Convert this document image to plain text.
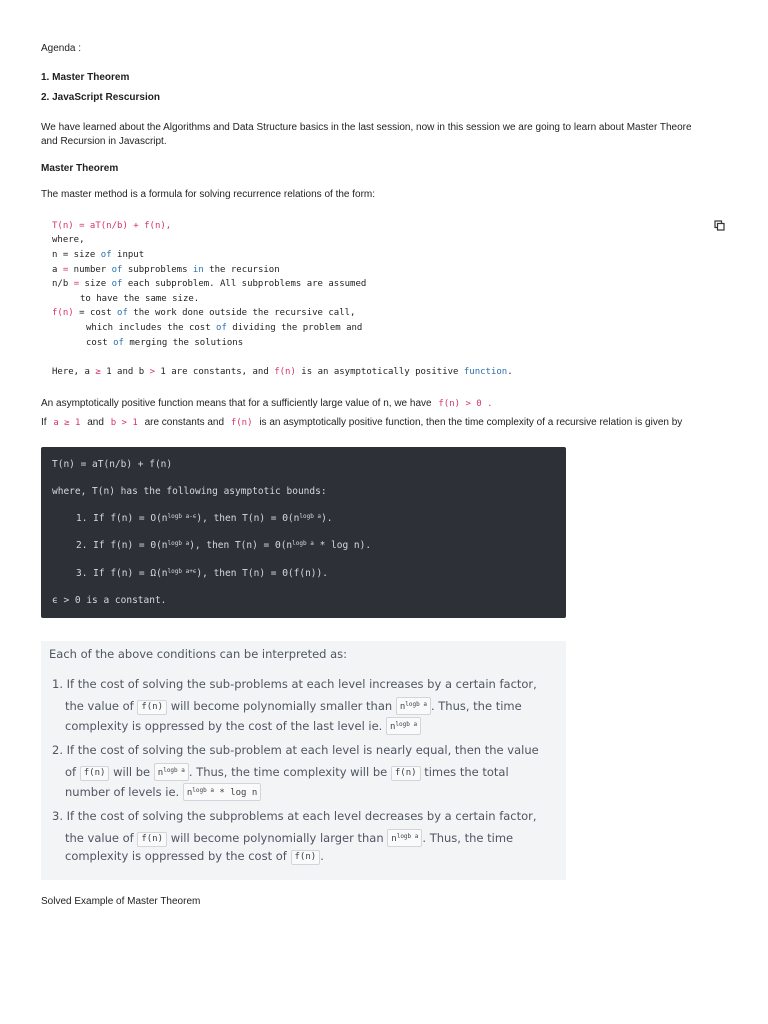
Agenda :
1. Master Theorem
2. JavaScript Rescursion
We have learned about the Algorithms and Data Structure basics in the last session, now in this session we are going to learn about Master Theore
and Recursion in Javascript.
Master Theorem
The master method is a formula for solving recurrence relations of the form:
T(n) = aT(n/b) + f(n),
where,
n = size of input
a = number of subproblems in the recursion
n/b = size of each subproblem. All subproblems are assumed
to have the same size.
f(n) = cost of the work done outside the recursive call,
which includes the cost of dividing the problem and
cost of merging the solutions
Here, a ≥ 1 and b > 1 are constants, and f(n) is an asymptotically positive function.
An asymptotically positive function means that for a sufficiently large value of n, we have f(n) > 0 .
If a ≥ 1 and b > 1 are constants and f(n) is an asymptotically positive function, then the time complexity of a recursive relation is given by
T(n) = aT(n/b) + f(n)
where, T(n) has the following asymptotic bounds:
1. If $f(n) = O(n^{logb a-\epsilon})$, then $T(n) = \Theta(n^{logb a})$.
2. If $f(n) = \Theta(n^{logb a})$, then $T(n) = \Theta(n^{logb a} * \log n)$.
3. If $f(n) = \Omega(n^{logb a+\epsilon})$, then T(n) = Θ(f(n)).
ϵ > 0 is a constant.
Each of the above conditions can be interpreted as:
1. If the cost of solving the sub-problems at each level increases by a certain factor,
the value of f(n) will become polynomially smaller than $n^{logb a}$ . Thus, the time
complexity is oppressed by the cost of the last level ie. $n^{logb a}$
2. If the cost of solving the sub-problem at each level is nearly equal, then the value
of f(n) will be $n^{logb a}$ . Thus, the time complexity will be f(n) times the total
number of levels ie. $n^{logb a}$ * log n
3. If the cost of solving the subproblems at each level decreases by a certain factor,
the value of f(n) will become polynomially larger than $n^{logb a}$ . Thus, the time
complexity is oppressed by the cost of f(n) .
Solved Example of Master Theorem
